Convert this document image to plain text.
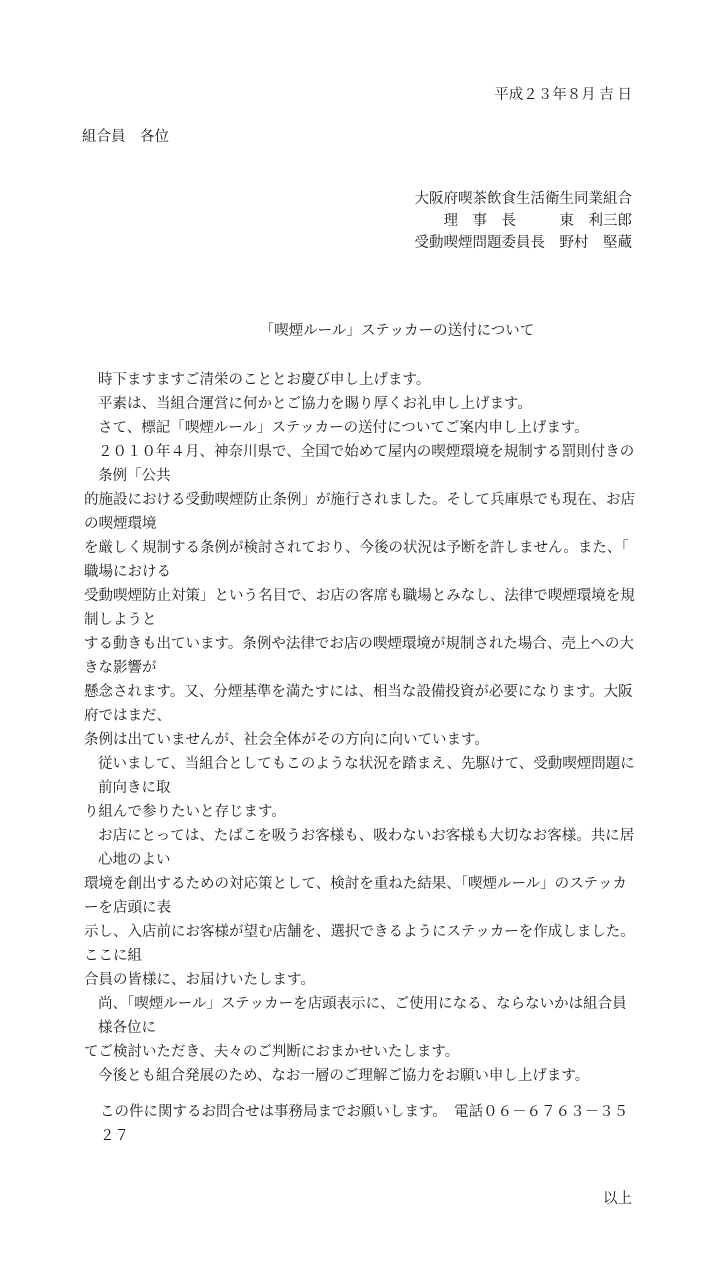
平成２３年８月 吉 日
組合員　各位
大阪府喫茶飲食生活衛生同業組合
理　事　長　　　東　利三郎
受動喫煙問題委員長　野村　堅蔵
「喫煙ルール」ステッカーの送付について
時下ますますご清栄のこととお慶び申し上げます。
平素は、当組合運営に何かとご協力を賜り厚くお礼申し上げます。
さて、標記「喫煙ルール」ステッカーの送付についてご案内申し上げます。
２０１０年４月、神奈川県で、全国で始めて屋内の喫煙環境を規制する罰則付きの条例「公共
的施設における受動喫煙防止条例」が施行されました。そして兵庫県でも現在、お店の喫煙環境
を厳しく規制する条例が検討されており、今後の状況は予断を許しません。また、「職場における
受動喫煙防止対策」という名目で、お店の客席も職場とみなし、法律で喫煙環境を規制しようと
する動きも出ています。条例や法律でお店の喫煙環境が規制された場合、売上への大きな影響が
懸念されます。又、分煙基準を満たすには、相当な設備投資が必要になります。大阪府ではまだ、
条例は出ていませんが、社会全体がその方向に向いています。
従いまして、当組合としてもこのような状況を踏まえ、先駆けて、受動喫煙問題に前向きに取
り組んで参りたいと存じます。
お店にとっては、たばこを吸うお客様も、吸わないお客様も大切なお客様。共に居心地のよい
環境を創出するための対応策として、検討を重ねた結果、「喫煙ルール」のステッカーを店頭に表
示し、入店前にお客様が望む店舗を、選択できるようにステッカーを作成しました。ここに組
合員の皆様に、お届けいたします。
尚、「喫煙ルール」ステッカーを店頭表示に、ご使用になる、ならないかは組合員様各位に
てご検討いただき、夫々のご判断におまかせいたします。
今後とも組合発展のため、なお一層のご理解ご協力をお願い申し上げます。
この件に関するお問合せは事務局までお願いします。　電話０６－６７６３－３５２７
以上
